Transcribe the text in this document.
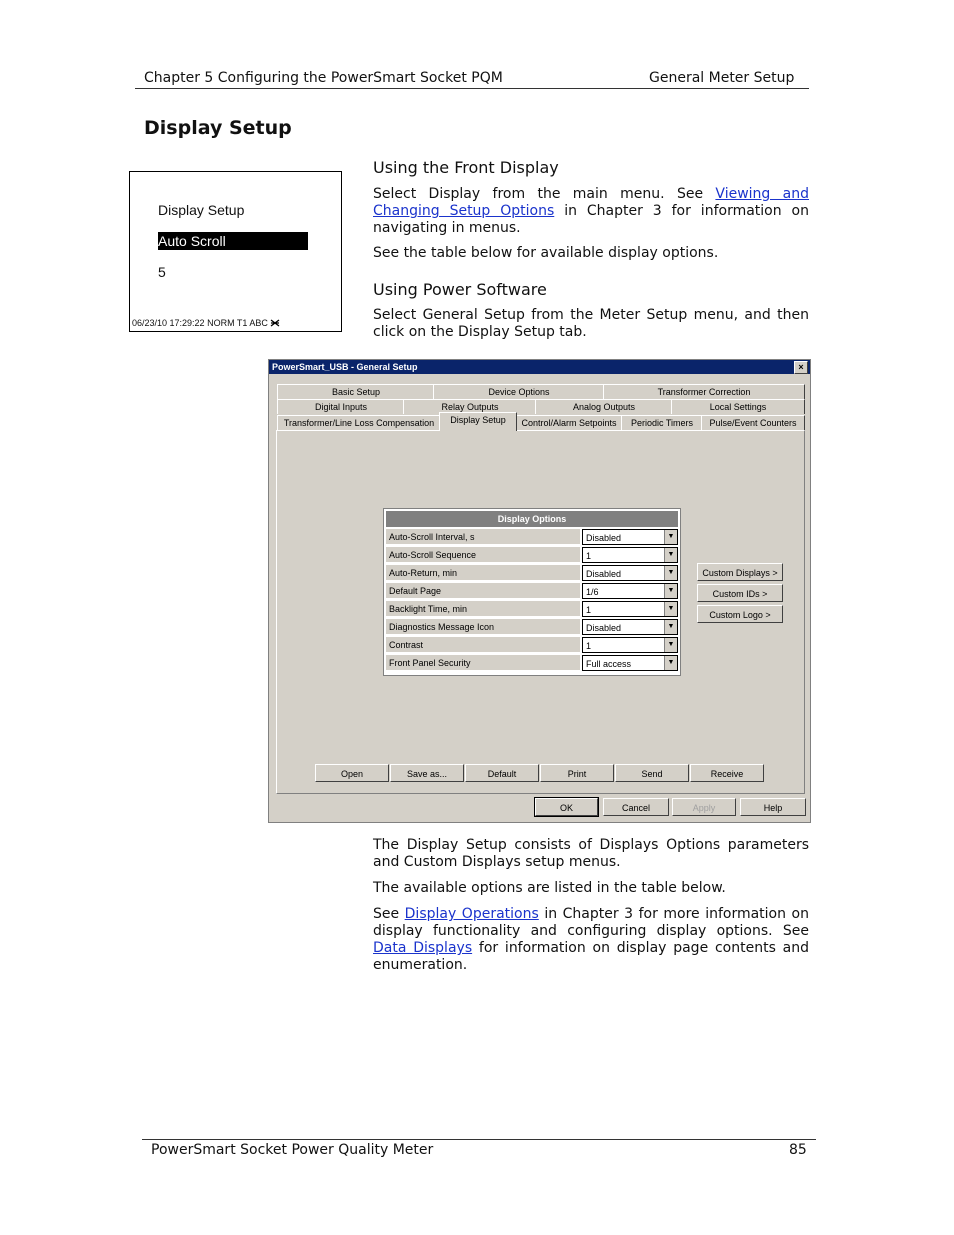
Chapter 5 Configuring the PowerSmart Socket PQM	General Meter Setup
Display Setup
Display Setup
Auto Scroll
5
06/23/10 17:29:22 NORM T1 ABC
Using the Front Display
Select Display from the main menu. See Viewing and Changing Setup Options in Chapter 3 for information on navigating in menus.
See the table below for available display options.
Using Power Software
Select General Setup from the Meter Setup menu, and then click on the Display Setup tab.
PowerSmart_USB - General Setup	×
Basic Setup	Device Options	Transformer Correction
Digital Inputs	Relay Outputs	Analog Outputs	Local Settings
Transformer/Line Loss Compensation	Display Setup	Control/Alarm Setpoints	Periodic Timers	Pulse/Event Counters
Display Options
Auto-Scroll Interval, s	Disabled	▼
Auto-Scroll Sequence	1	▼
Auto-Return, min	Disabled	▼
Default Page	1/6	▼
Backlight Time, min	1	▼
Diagnostics Message Icon	Disabled	▼
Contrast	1	▼
Front Panel Security	Full access	▼
Custom Displays >
Custom IDs >
Custom Logo >
Open	Save as...	Default	Print	Send	Receive
OK	Cancel	Apply	Help
The Display Setup consists of Displays Options parameters and Custom Displays setup menus.
The available options are listed in the table below.
See Display Operations in Chapter 3 for more information on display functionality and configuring display options. See Data Displays for information on display page contents and enumeration.
PowerSmart Socket Power Quality Meter	85
